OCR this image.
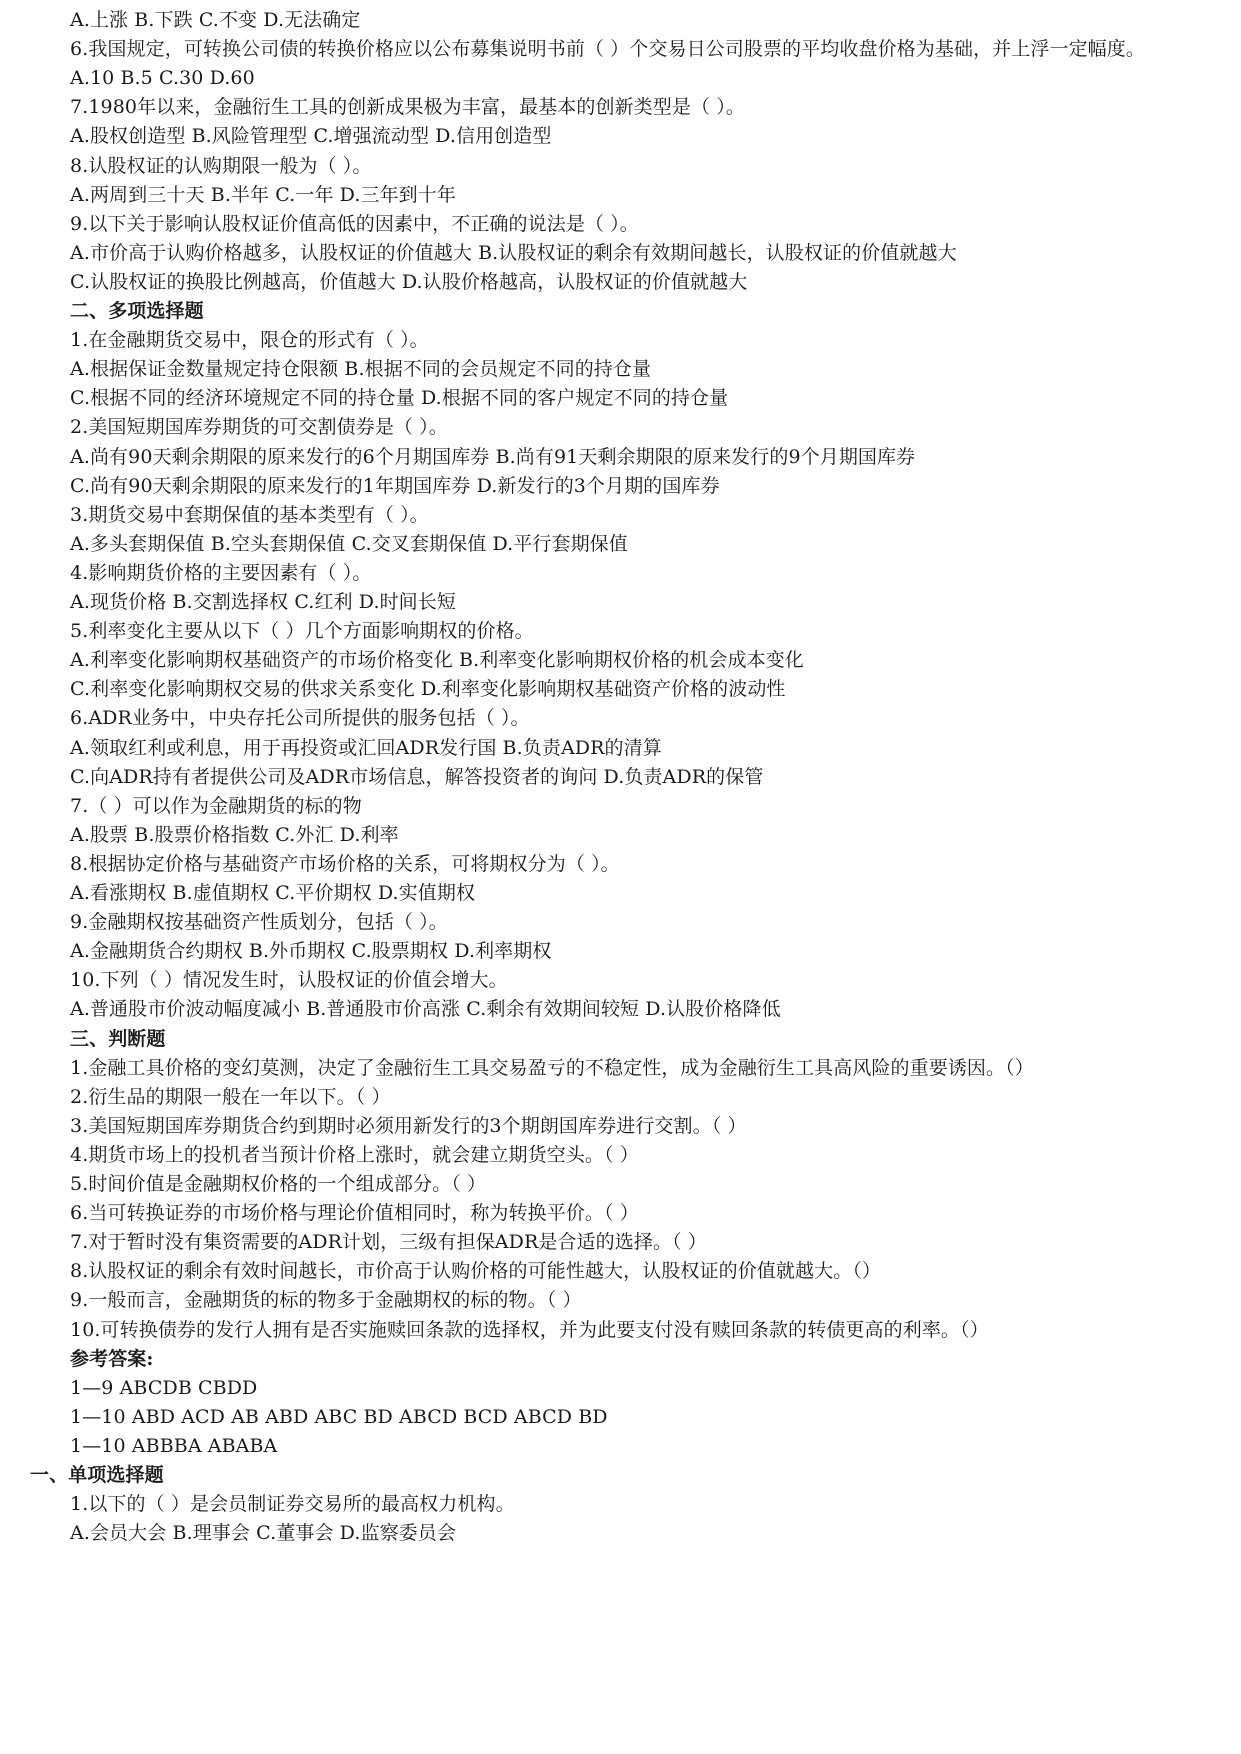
A.上涨 B.下跌 C.不变 D.无法确定
6.我国规定，可转换公司债的转换价格应以公布募集说明书前（ ）个交易日公司股票的平均收盘价格为基础，并上浮一定幅度。
A.10 B.5 C.30 D.60
7.1980年以来，金融衍生工具的创新成果极为丰富，最基本的创新类型是（ ）。
A.股权创造型 B.风险管理型 C.增强流动型 D.信用创造型
8.认股权证的认购期限一般为（ ）。
A.两周到三十天 B.半年 C.一年 D.三年到十年
9.以下关于影响认股权证价值高低的因素中，不正确的说法是（ ）。
A.市价高于认购价格越多，认股权证的价值越大 B.认股权证的剩余有效期间越长，认股权证的价值就越大
C.认股权证的换股比例越高，价值越大 D.认股价格越高，认股权证的价值就越大
二、多项选择题
1.在金融期货交易中，限仓的形式有（ ）。
A.根据保证金数量规定持仓限额 B.根据不同的会员规定不同的持仓量
C.根据不同的经济环境规定不同的持仓量 D.根据不同的客户规定不同的持仓量
2.美国短期国库券期货的可交割债券是（ ）。
A.尚有90天剩余期限的原来发行的6个月期国库券 B.尚有91天剩余期限的原来发行的9个月期国库券
C.尚有90天剩余期限的原来发行的1年期国库券 D.新发行的3个月期的国库券
3.期货交易中套期保值的基本类型有（ ）。
A.多头套期保值 B.空头套期保值 C.交叉套期保值 D.平行套期保值
4.影响期货价格的主要因素有（ ）。
A.现货价格 B.交割选择权 C.红利 D.时间长短
5.利率变化主要从以下（ ）几个方面影响期权的价格。
A.利率变化影响期权基础资产的市场价格变化 B.利率变化影响期权价格的机会成本变化
C.利率变化影响期权交易的供求关系变化 D.利率变化影响期权基础资产价格的波动性
6.ADR业务中，中央存托公司所提供的服务包括（ ）。
A.领取红利或利息，用于再投资或汇回ADR发行国 B.负责ADR的清算
C.向ADR持有者提供公司及ADR市场信息，解答投资者的询问 D.负责ADR的保管
7.（ ）可以作为金融期货的标的物
A.股票 B.股票价格指数 C.外汇 D.利率
8.根据协定价格与基础资产市场价格的关系，可将期权分为（ ）。
A.看涨期权 B.虚值期权 C.平价期权 D.实值期权
9.金融期权按基础资产性质划分，包括（ ）。
A.金融期货合约期权 B.外币期权 C.股票期权 D.利率期权
10.下列（ ）情况发生时，认股权证的价值会增大。
A.普通股市价波动幅度减小 B.普通股市价高涨 C.剩余有效期间较短 D.认股价格降低
三、判断题
1.金融工具价格的变幻莫测，决定了金融衍生工具交易盈亏的不稳定性，成为金融衍生工具高风险的重要诱因。（）
2.衍生品的期限一般在一年以下。（ ）
3.美国短期国库券期货合约到期时必须用新发行的3个期朗国库券进行交割。（ ）
4.期货市场上的投机者当预计价格上涨时，就会建立期货空头。（ ）
5.时间价值是金融期权价格的一个组成部分。（ ）
6.当可转换证券的市场价格与理论价值相同时，称为转换平价。（ ）
7.对于暂时没有集资需要的ADR计划，三级有担保ADR是合适的选择。（ ）
8.认股权证的剩余有效时间越长，市价高于认购价格的可能性越大，认股权证的价值就越大。（）
9.一般而言，金融期货的标的物多于金融期权的标的物。（ ）
10.可转换债券的发行人拥有是否实施赎回条款的选择权，并为此要支付没有赎回条款的转债更高的利率。（）
参考答案:
1—9 ABCDB CBDD
1—10 ABD ACD AB ABD ABC BD ABCD BCD ABCD BD
1—10 ABBBA ABABA
一、单项选择题
1.以下的（ ）是会员制证券交易所的最高权力机构。
A.会员大会 B.理事会 C.董事会 D.监察委员会
